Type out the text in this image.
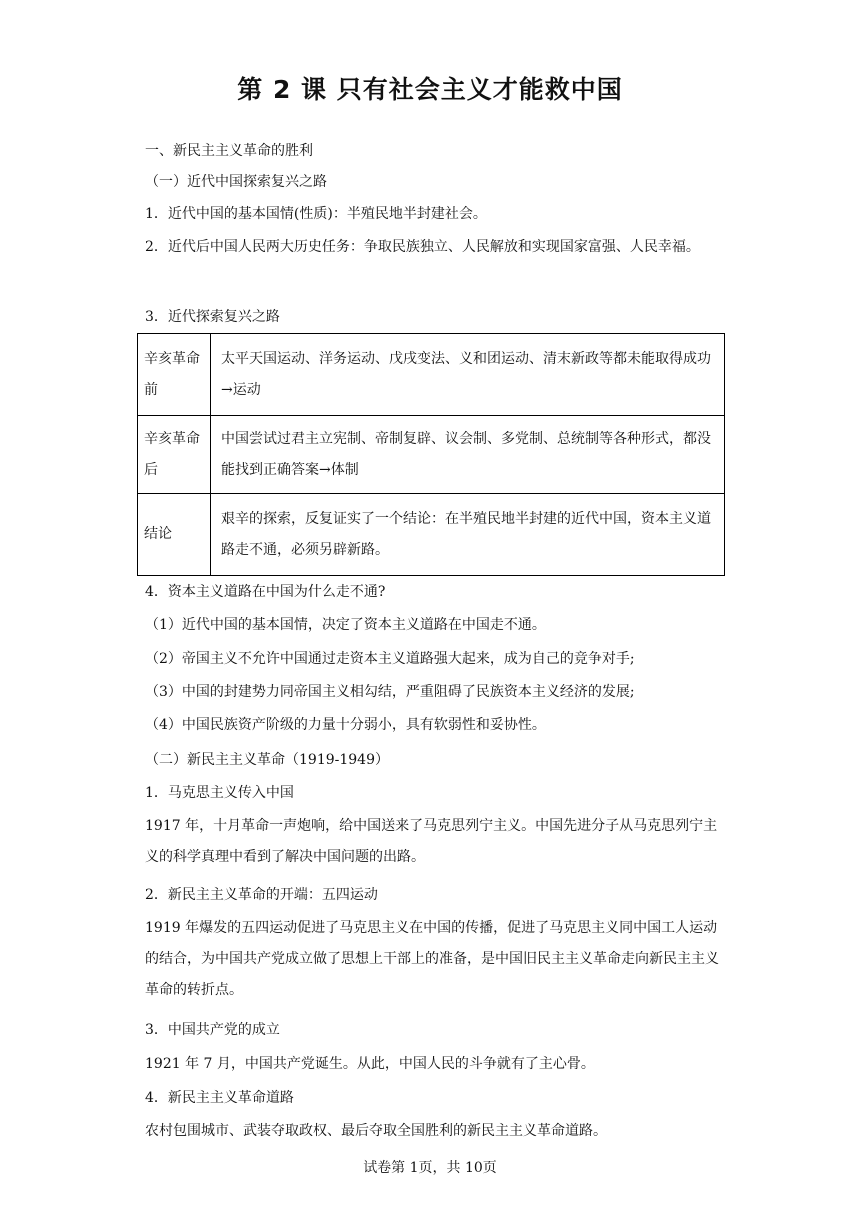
第 2 课 只有社会主义才能救中国
一、新民主主义革命的胜利
（一）近代中国探索复兴之路
1．近代中国的基本国情(性质)：半殖民地半封建社会。

2．近代后中国人民两大历史任务：争取民族独立、人民解放和实现国家富强、人民幸福。

3．近代探索复兴之路
辛亥革命前	太平天国运动、洋务运动、戊戌变法、义和团运动、清末新政等都未能取得成功→运动
辛亥革命后	中国尝试过君主立宪制、帝制复辟、议会制、多党制、总统制等各种形式，都没能找到正确答案→体制
结论	艰辛的探索，反复证实了一个结论：在半殖民地半封建的近代中国，资本主义道路走不通，必须另辟新路。
4．资本主义道路在中国为什么走不通?
（1）近代中国的基本国情，决定了资本主义道路在中国走不通。
（2）帝国主义不允许中国通过走资本主义道路强大起来，成为自己的竞争对手;
（3）中国的封建势力同帝国主义相勾结，严重阻碍了民族资本主义经济的发展;
（4）中国民族资产阶级的力量十分弱小，具有软弱性和妥协性。
（二）新民主主义革命（1919-1949）
1．马克思主义传入中国

1917 年，十月革命一声炮响，给中国送来了马克思列宁主义。中国先进分子从马克思列宁主义的科学真理中看到了解决中国问题的出路。

2．新民主主义革命的开端：五四运动

1919 年爆发的五四运动促进了马克思主义在中国的传播，促进了马克思主义同中国工人运动的结合，为中国共产党成立做了思想上干部上的准备，是中国旧民主主义革命走向新民主主义革命的转折点。

3．中国共产党的成立
1921 年 7 月，中国共产党诞生。从此，中国人民的斗争就有了主心骨。
4．新民主主义革命道路
农村包围城市、武装夺取政权、最后夺取全国胜利的新民主主义革命道路。
试卷第 1页，共 10页
